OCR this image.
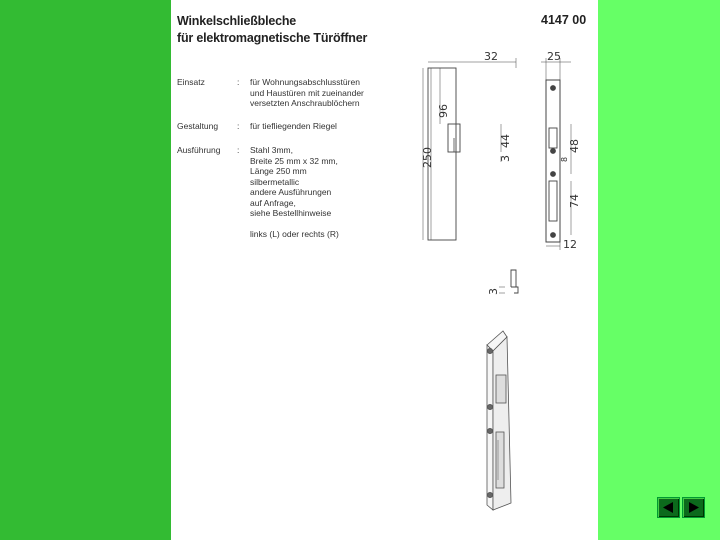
Winkelschließbleche
für elektromagnetische Türöffner
4147 00
Einsatz	: für Wohnungsabschlusstüren
und Haustüren mit zueinander
versetzten Anschraublöchern
Gestaltung	: für tiefliegenden Riegel
Ausführung	: Stahl 3mm,
Breite 25 mm x 32 mm,
Länge 250 mm
silbermetallic
andere Ausführungen
auf Anfrage,
siehe Bestellhinweise
links (L) oder rechts (R)
32	25
96
250
44
3
48
8
74
12
3
